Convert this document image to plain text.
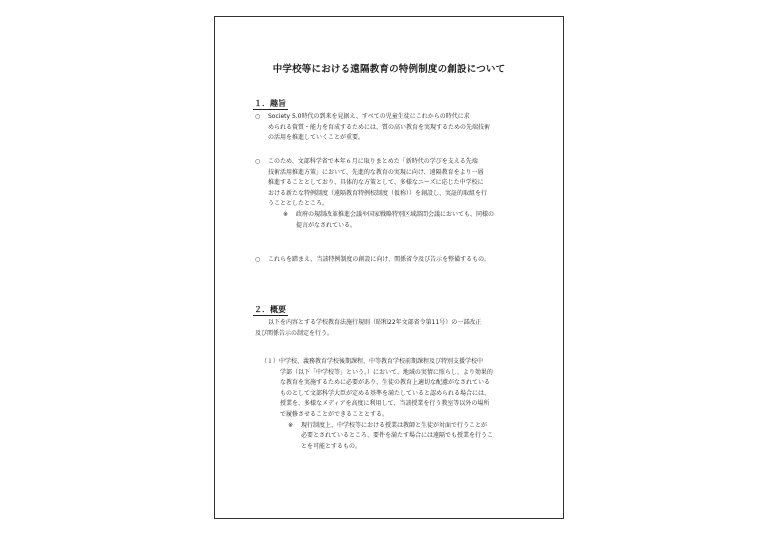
中学校等における遠隔教育の特例制度の創設について
１．趣旨
○ Society 5.0時代の到来を見据え、すべての児童生徒にこれからの時代に求
められる資質・能力を育成するためには、質の高い教育を実現するための先端技術
の活用を推進していくことが重要。
○ このため、文部科学省で本年６月に取りまとめた「新時代の学びを支える先端
技術活用推進方策」において、先進的な教育の実現に向け、遠隔教育をより一層
推進することとしており、具体的な方策として、多様なニーズに応じた中学校に
おける新たな特例制度（遠隔教育特例校制度（仮称））を創設し、実証的取組を行
うこととしたところ。
※ 政府の規制改革推進会議や国家戦略特別区域諮問会議においても、同様の
提言がなされている。
○ これらを踏まえ、当該特例制度の創設に向け、関係省令及び告示を整備するもの。
２．概要
以下を内容とする学校教育法施行規則（昭和22年文部省令第11号）の一部改正
及び関係告示の制定を行う。
（１）中学校、義務教育学校後期課程、中等教育学校前期課程及び特別支援学校中
学部（以下「中学校等」という。）において、地域の実情に照らし、より効果的
な教育を実施するために必要があり、生徒の教育上適切な配慮がなされている
ものとして文部科学大臣が定める基準を満たしていると認められる場合には、
授業を、多様なメディアを高度に利用して、当該授業を行う教室等以外の場所
で履修させることができることとする。
※ 現行制度上、中学校等における授業は教師と生徒が対面で行うことが
必要とされているところ、要件を満たす場合には遠隔でも授業を行うこ
とを可能とするもの。
